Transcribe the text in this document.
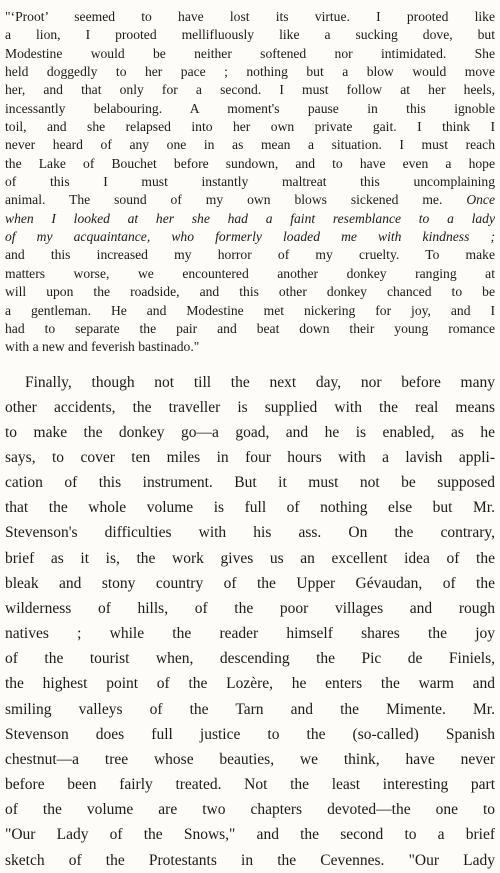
"‘Proot’ seemed to have lost its virtue. I prooted like
a lion, I prooted mellifluously like a sucking dove, but
Modestine would be neither softened nor intimidated. She
held doggedly to her pace ; nothing but a blow would move
her, and that only for a second. I must follow at her heels,
incessantly belabouring. A moment's pause in this ignoble
toil, and she relapsed into her own private gait. I think I
never heard of any one in as mean a situation. I must reach
the Lake of Bouchet before sundown, and to have even a hope
of this I must instantly maltreat this uncomplaining
animal. The sound of my own blows sickened me. Once
when I looked at her she had a faint resemblance to a lady
of my acquaintance, who formerly loaded me with kindness ;
and this increased my horror of my cruelty. To make
matters worse, we encountered another donkey ranging at
will upon the roadside, and this other donkey chanced to be
a gentleman. He and Modestine met nickering for joy, and I
had to separate the pair and beat down their young romance
with a new and feverish bastinado."
Finally, though not till the next day, nor before many
other accidents, the traveller is supplied with the real means
to make the donkey go—a goad, and he is enabled, as he
says, to cover ten miles in four hours with a lavish appli-
cation of this instrument. But it must not be supposed
that the whole volume is full of nothing else but Mr.
Stevenson's difficulties with his ass. On the contrary,
brief as it is, the work gives us an excellent idea of the
bleak and stony country of the Upper Gévaudan, of the
wilderness of hills, of the poor villages and rough
natives ; while the reader himself shares the joy
of the tourist when, descending the Pic de Finiels,
the highest point of the Lozère, he enters the warm and
smiling valleys of the Tarn and the Mimente. Mr.
Stevenson does full justice to the (so-called) Spanish
chestnut—a tree whose beauties, we think, have never
before been fairly treated. Not the least interesting part
of the volume are two chapters devoted—the one to
"Our Lady of the Snows," and the second to a brief
sketch of the Protestants in the Cevennes. "Our Lady
